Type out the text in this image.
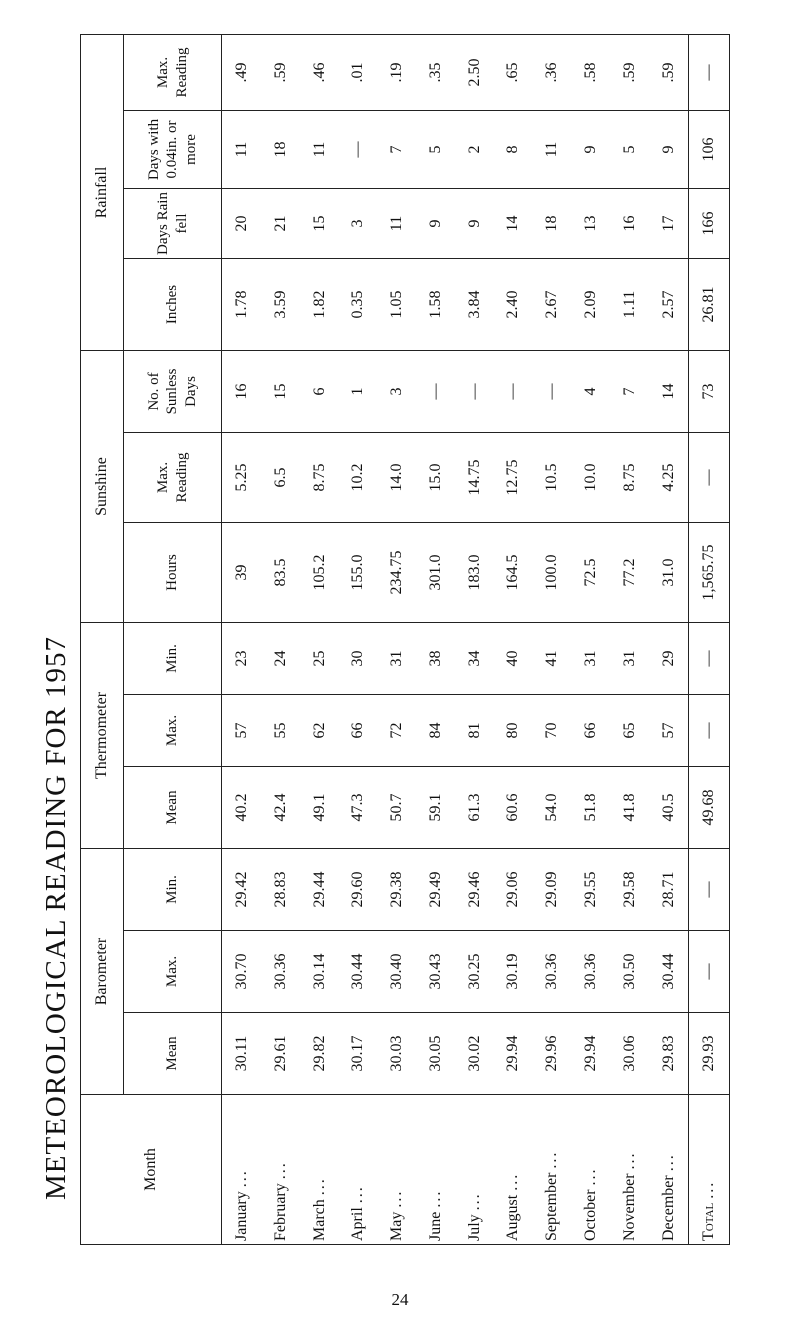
METEOROLOGICAL READING FOR 1957	Month	Barometer			Thermometer			Sunshine			Rainfall			
	Mean	Max.	Min.	Mean	Max.	Min.	Hours	Max. Reading	No. of Sunless Days	Inches	Days Rain fell	Days with 0.04in. or more	Max. Reading
January ...	30.11	30.70	29.42	40.2	57	23	39	5.25	16	1.78	20	11	.49
February ...	29.61	30.36	28.83	42.4	55	24	83.5	6.5	15	3.59	21	18	.59
March ...	29.82	30.14	29.44	49.1	62	25	105.2	8.75	6	1.82	15	11	.46
April ...	30.17	30.44	29.60	47.3	66	30	155.0	10.2	1	0.35	3	—	.01
May ...	30.03	30.40	29.38	50.7	72	31	234.75	14.0	3	1.05	11	7	.19
June ...	30.05	30.43	29.49	59.1	84	38	301.0	15.0	—	1.58	9	5	.35
July ...	30.02	30.25	29.46	61.3	81	34	183.0	14.75	—	3.84	9	2	2.50
August ...	29.94	30.19	29.06	60.6	80	40	164.5	12.75	—	2.40	14	8	.65
September ...	29.96	30.36	29.09	54.0	70	41	100.0	10.5	—	2.67	18	11	.36
October ...	29.94	30.36	29.55	51.8	66	31	72.5	10.0	4	2.09	13	9	.58
November ...	30.06	30.50	29.58	41.8	65	31	77.2	8.75	7	1.11	16	5	.59
December ...	29.83	30.44	28.71	40.5	57	29	31.0	4.25	14	2.57	17	9	.59
Total ...	29.93	—	—	49.68	—	—	1,565.75	—	73	26.81	166	106	—
24
